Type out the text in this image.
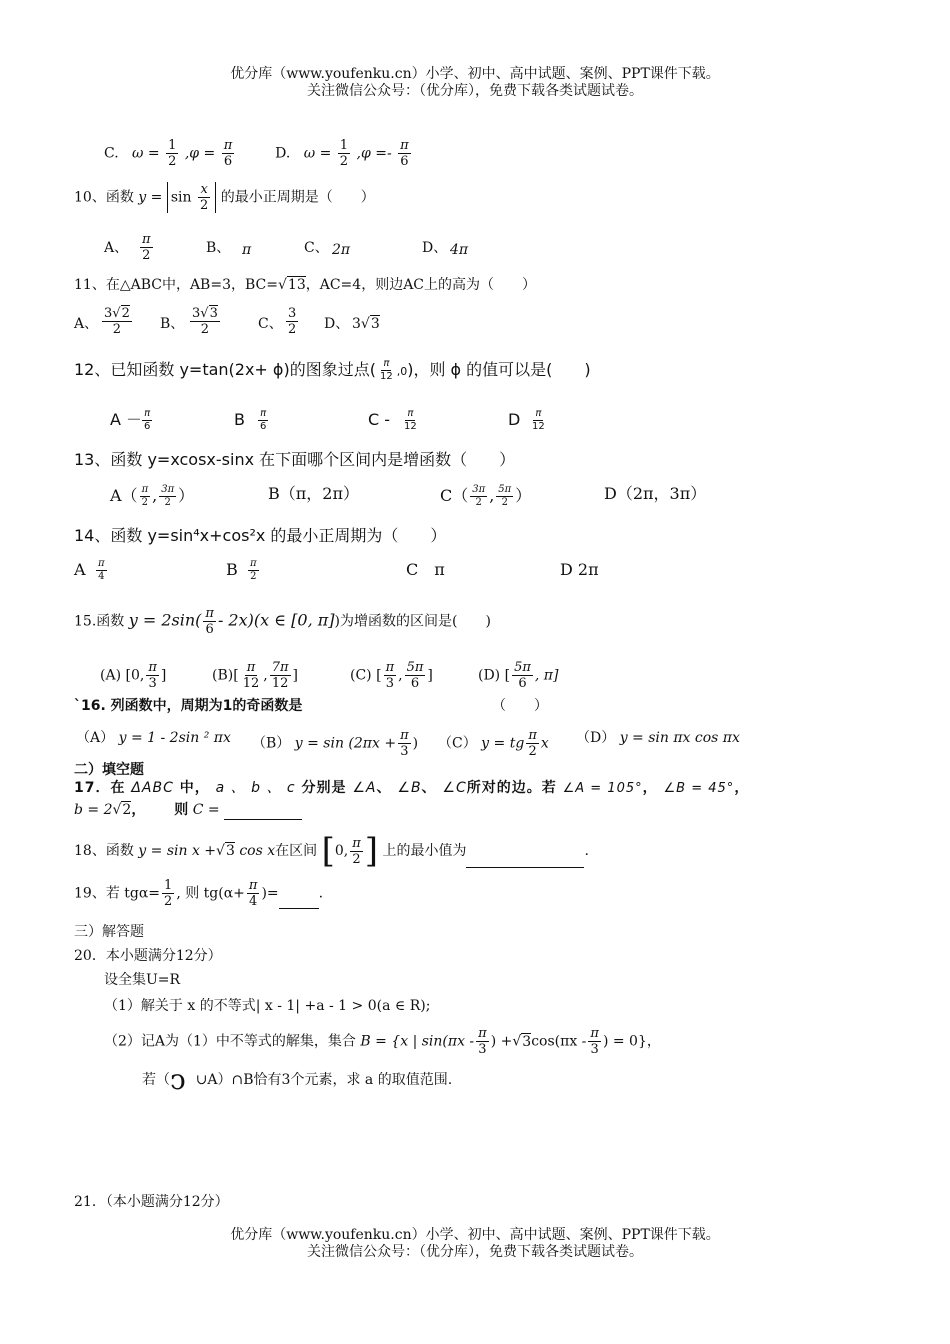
优分库（www.youfenku.cn）小学、初中、高中试题、案例、PPT课件下载。
关注微信公众号：（优分库），免费下载各类试题试卷。
C. $\omega = \frac{1}{2} ,\varphi = \frac{\pi}{6}$	D. $\omega = \frac{1}{2} ,\varphi =- \frac{\pi}{6}$
10、函数 $y = \sin \frac{x}{2}$ 的最小正周期是（　　）
A、
π
2	B、 π	C、 2π	D、 4π
11、在△ABC中，AB=3，BC=√13，AC=4，则边AC上的高为（　　）
A、
3√2
2	B、
3√3
2	C、
3
2 D、 3√3
12、已知函数 y=tan(2x+ ϕ)的图象过点( $\frac{\pi}{12} ,0$)，则 ϕ 的值可以是(　　)
A － π
6	B π
6	C - π
12	D π
12
13、函数 y=xcosx-sinx 在下面哪个区间内是增函数（　　）
$A( \frac{\pi}{2}$ , $\frac{3\pi}{2}$ ）	B（π，2π）	$C( \frac{3\pi}{2}$ , $\frac{5\pi}{2}$ ）	D（2π，3π）
14、函数 y=sin⁴x+cos²x 的最小正周期为（　　）
A π
4	B π
2	C　π	D 2π
15.函数 $y = 2\sin( \frac{\pi}{6} - 2x)(x$ ∈ [0, π])为增函数的区间是(　　)
(A) [0, $\frac{\pi}{3}$ ]	$(B)[ \frac{\pi}{12}$ , $\frac{7\pi}{12}$ ]	(C) [ $\frac{\pi}{3}$ , $\frac{5\pi}{6}$ ]	(D) [ $\frac{5\pi}{6}$ , π]
`16. 列函数中，周期为1的奇函数是	（　　）
（A） y = 1 - 2sin ² πx （B） $y = \sin (2\pi x + \frac{\pi}{3}$ ) （C） y = tg $\frac{\pi}{2}$ x （D） y = sin πx cos πx
二）填空题
17．在 ΔABC 中， a 、 b 、 c 分别是 ∠A、 ∠B、 ∠C所对的边。若 ∠A = 105°， ∠B = 45°，
b = 2√2， 则 C =
18、函数 y = sin x +√3 cos x在区间 [0, $\frac{\pi}{2}$ ] 上的最小值为	.
19、若 $tg\alpha= \frac{1}{2}$ , 则 $tg(\alpha+ \frac{\pi}{4}$ )=	.
三）解答题
20．本小题满分12分）
设全集U=R
（1）解关于 x 的不等式| x - 1| +a - 1 > 0(a ∈ R);
（2）记A为（1）中不等式的解集，集合 B = {x | $\sin(\pi x - \frac{\pi}{3}$ ) $+√3\cos(\pi x - \frac{\pi}{3}$ ) = 0}，
若（ↄ ∪A）∩B恰有3个元素，求 a 的取值范围.
21．（本小题满分12分）
优分库（www.youfenku.cn）小学、初中、高中试题、案例、PPT课件下载。
关注微信公众号：（优分库），免费下载各类试题试卷。
